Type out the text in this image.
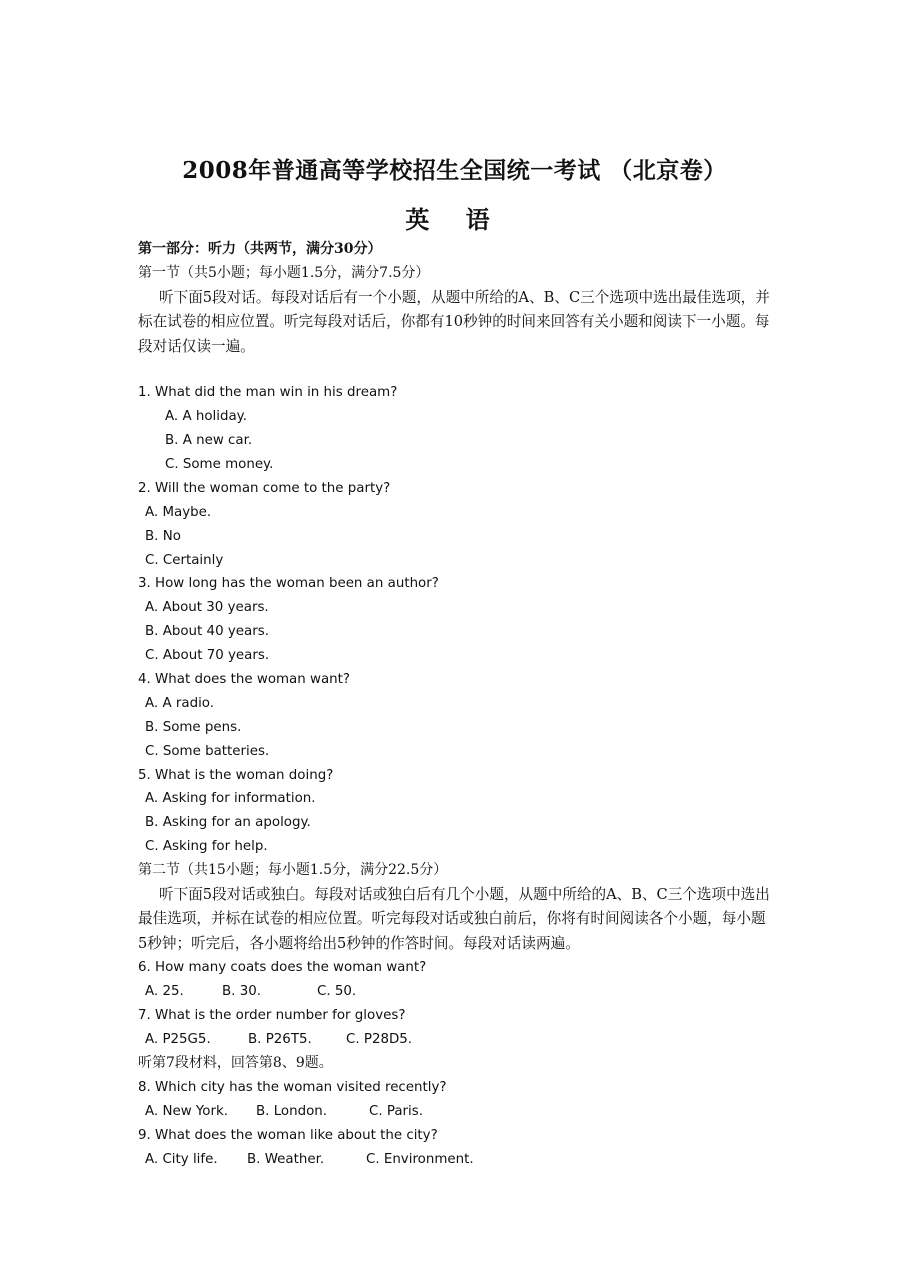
2008年普通高等学校招生全国统一考试 （北京卷）
英 语
第一部分：听力（共两节，满分30分）
第一节（共5小题；每小题1.5分，满分7.5分）
听下面5段对话。每段对话后有一个小题，从题中所给的A、B、C三个选项中选出最佳选项，并标在试卷的相应位置。听完每段对话后，你都有10秒钟的时间来回答有关小题和阅读下一小题。每段对话仅读一遍。
1. What did the man win in his dream?
A. A holiday.
B. A new car.
C. Some money.
2. Will the woman come to the party?
A. Maybe.
B. No
C. Certainly
3. How long has the woman been an author?
A. About 30 years.
B. About 40 years.
C. About 70 years.
4. What does the woman want?
A. A radio.
B. Some pens.
C. Some batteries.
5. What is the woman doing?
A. Asking for information.
B. Asking for an apology.
C. Asking for help.
第二节（共15小题；每小题1.5分，满分22.5分）
听下面5段对话或独白。每段对话或独白后有几个小题，从题中所给的A、B、C三个选项中选出最佳选项，并标在试卷的相应位置。听完每段对话或独白前后，你将有时间阅读各个小题，每小题5秒钟；听完后，各小题将给出5秒钟的作答时间。每段对话读两遍。
6. How many coats does the woman want?
A. 25.	B. 30.	C. 50.
7. What is the order number for gloves?
A. P25G5.	B. P26T5.	C. P28D5.
听第7段材料，回答第8、9题。
8. Which city has the woman visited recently?
A. New York.	B. London.	C. Paris.
9. What does the woman like about the city?
A. City life.	B. Weather.	C. Environment.
